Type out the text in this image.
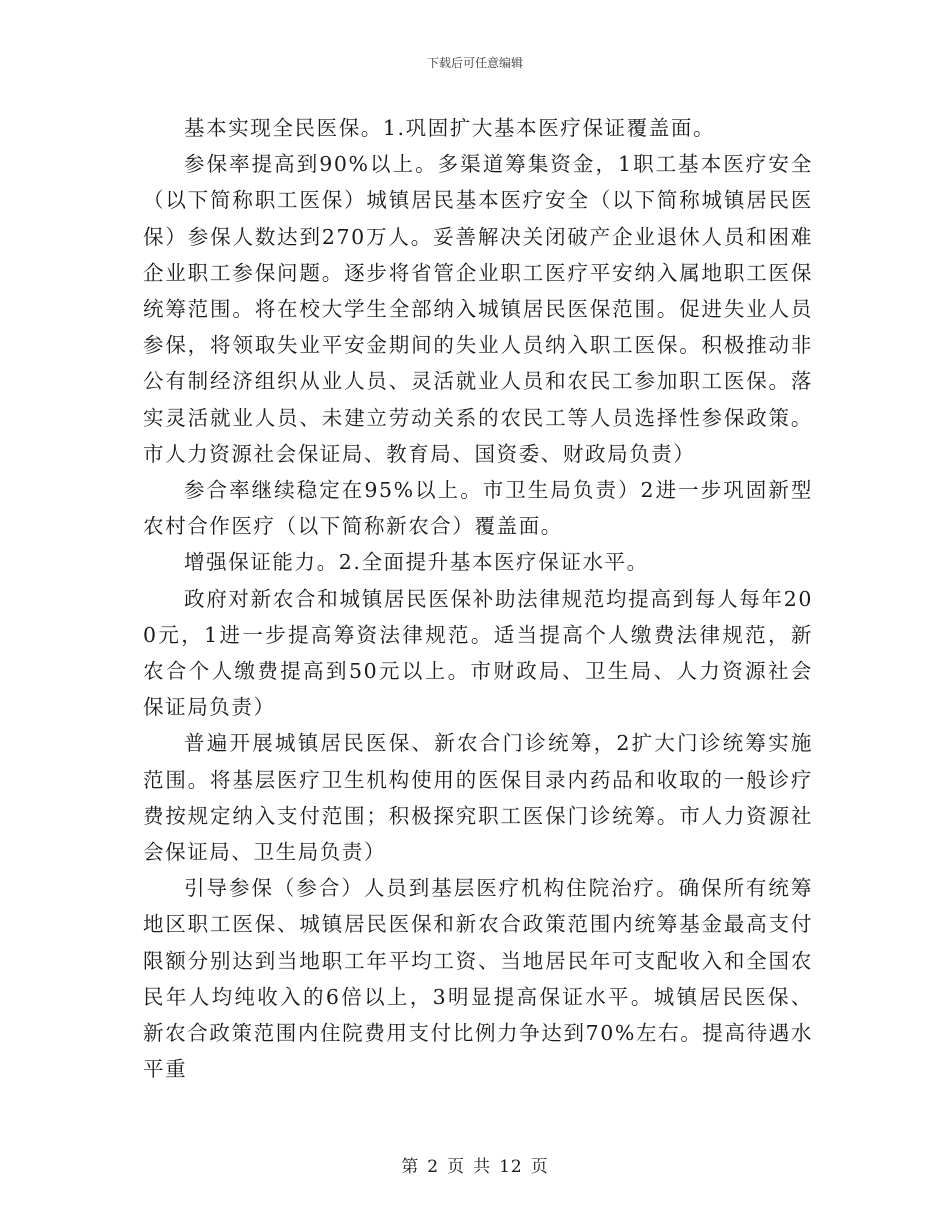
下载后可任意编辑

基本实现全民医保。1.巩固扩大基本医疗保证覆盖面。

参保率提高到90%以上。多渠道筹集资金，1职工基本医疗安全（以下简称职工医保）城镇居民基本医疗安全（以下简称城镇居民医保）参保人数达到270万人。妥善解决关闭破产企业退休人员和困难企业职工参保问题。逐步将省管企业职工医疗平安纳入属地职工医保统筹范围。将在校大学生全部纳入城镇居民医保范围。促进失业人员参保，将领取失业平安金期间的失业人员纳入职工医保。积极推动非公有制经济组织从业人员、灵活就业人员和农民工参加职工医保。落实灵活就业人员、未建立劳动关系的农民工等人员选择性参保政策。市人力资源社会保证局、教育局、国资委、财政局负责）

参合率继续稳定在95%以上。市卫生局负责）2进一步巩固新型农村合作医疗（以下简称新农合）覆盖面。

增强保证能力。2.全面提升基本医疗保证水平。

政府对新农合和城镇居民医保补助法律规范均提高到每人每年200元，1进一步提高筹资法律规范。适当提高个人缴费法律规范，新农合个人缴费提高到50元以上。市财政局、卫生局、人力资源社会保证局负责）

普遍开展城镇居民医保、新农合门诊统筹，2扩大门诊统筹实施范围。将基层医疗卫生机构使用的医保目录内药品和收取的一般诊疗费按规定纳入支付范围；积极探究职工医保门诊统筹。市人力资源社会保证局、卫生局负责）

引导参保（参合）人员到基层医疗机构住院治疗。确保所有统筹地区职工医保、城镇居民医保和新农合政策范围内统筹基金最高支付限额分别达到当地职工年平均工资、当地居民年可支配收入和全国农民年人均纯收入的6倍以上，3明显提高保证水平。城镇居民医保、新农合政策范围内住院费用支付比例力争达到70%左右。提高待遇水平重

第 2 页 共 12 页
